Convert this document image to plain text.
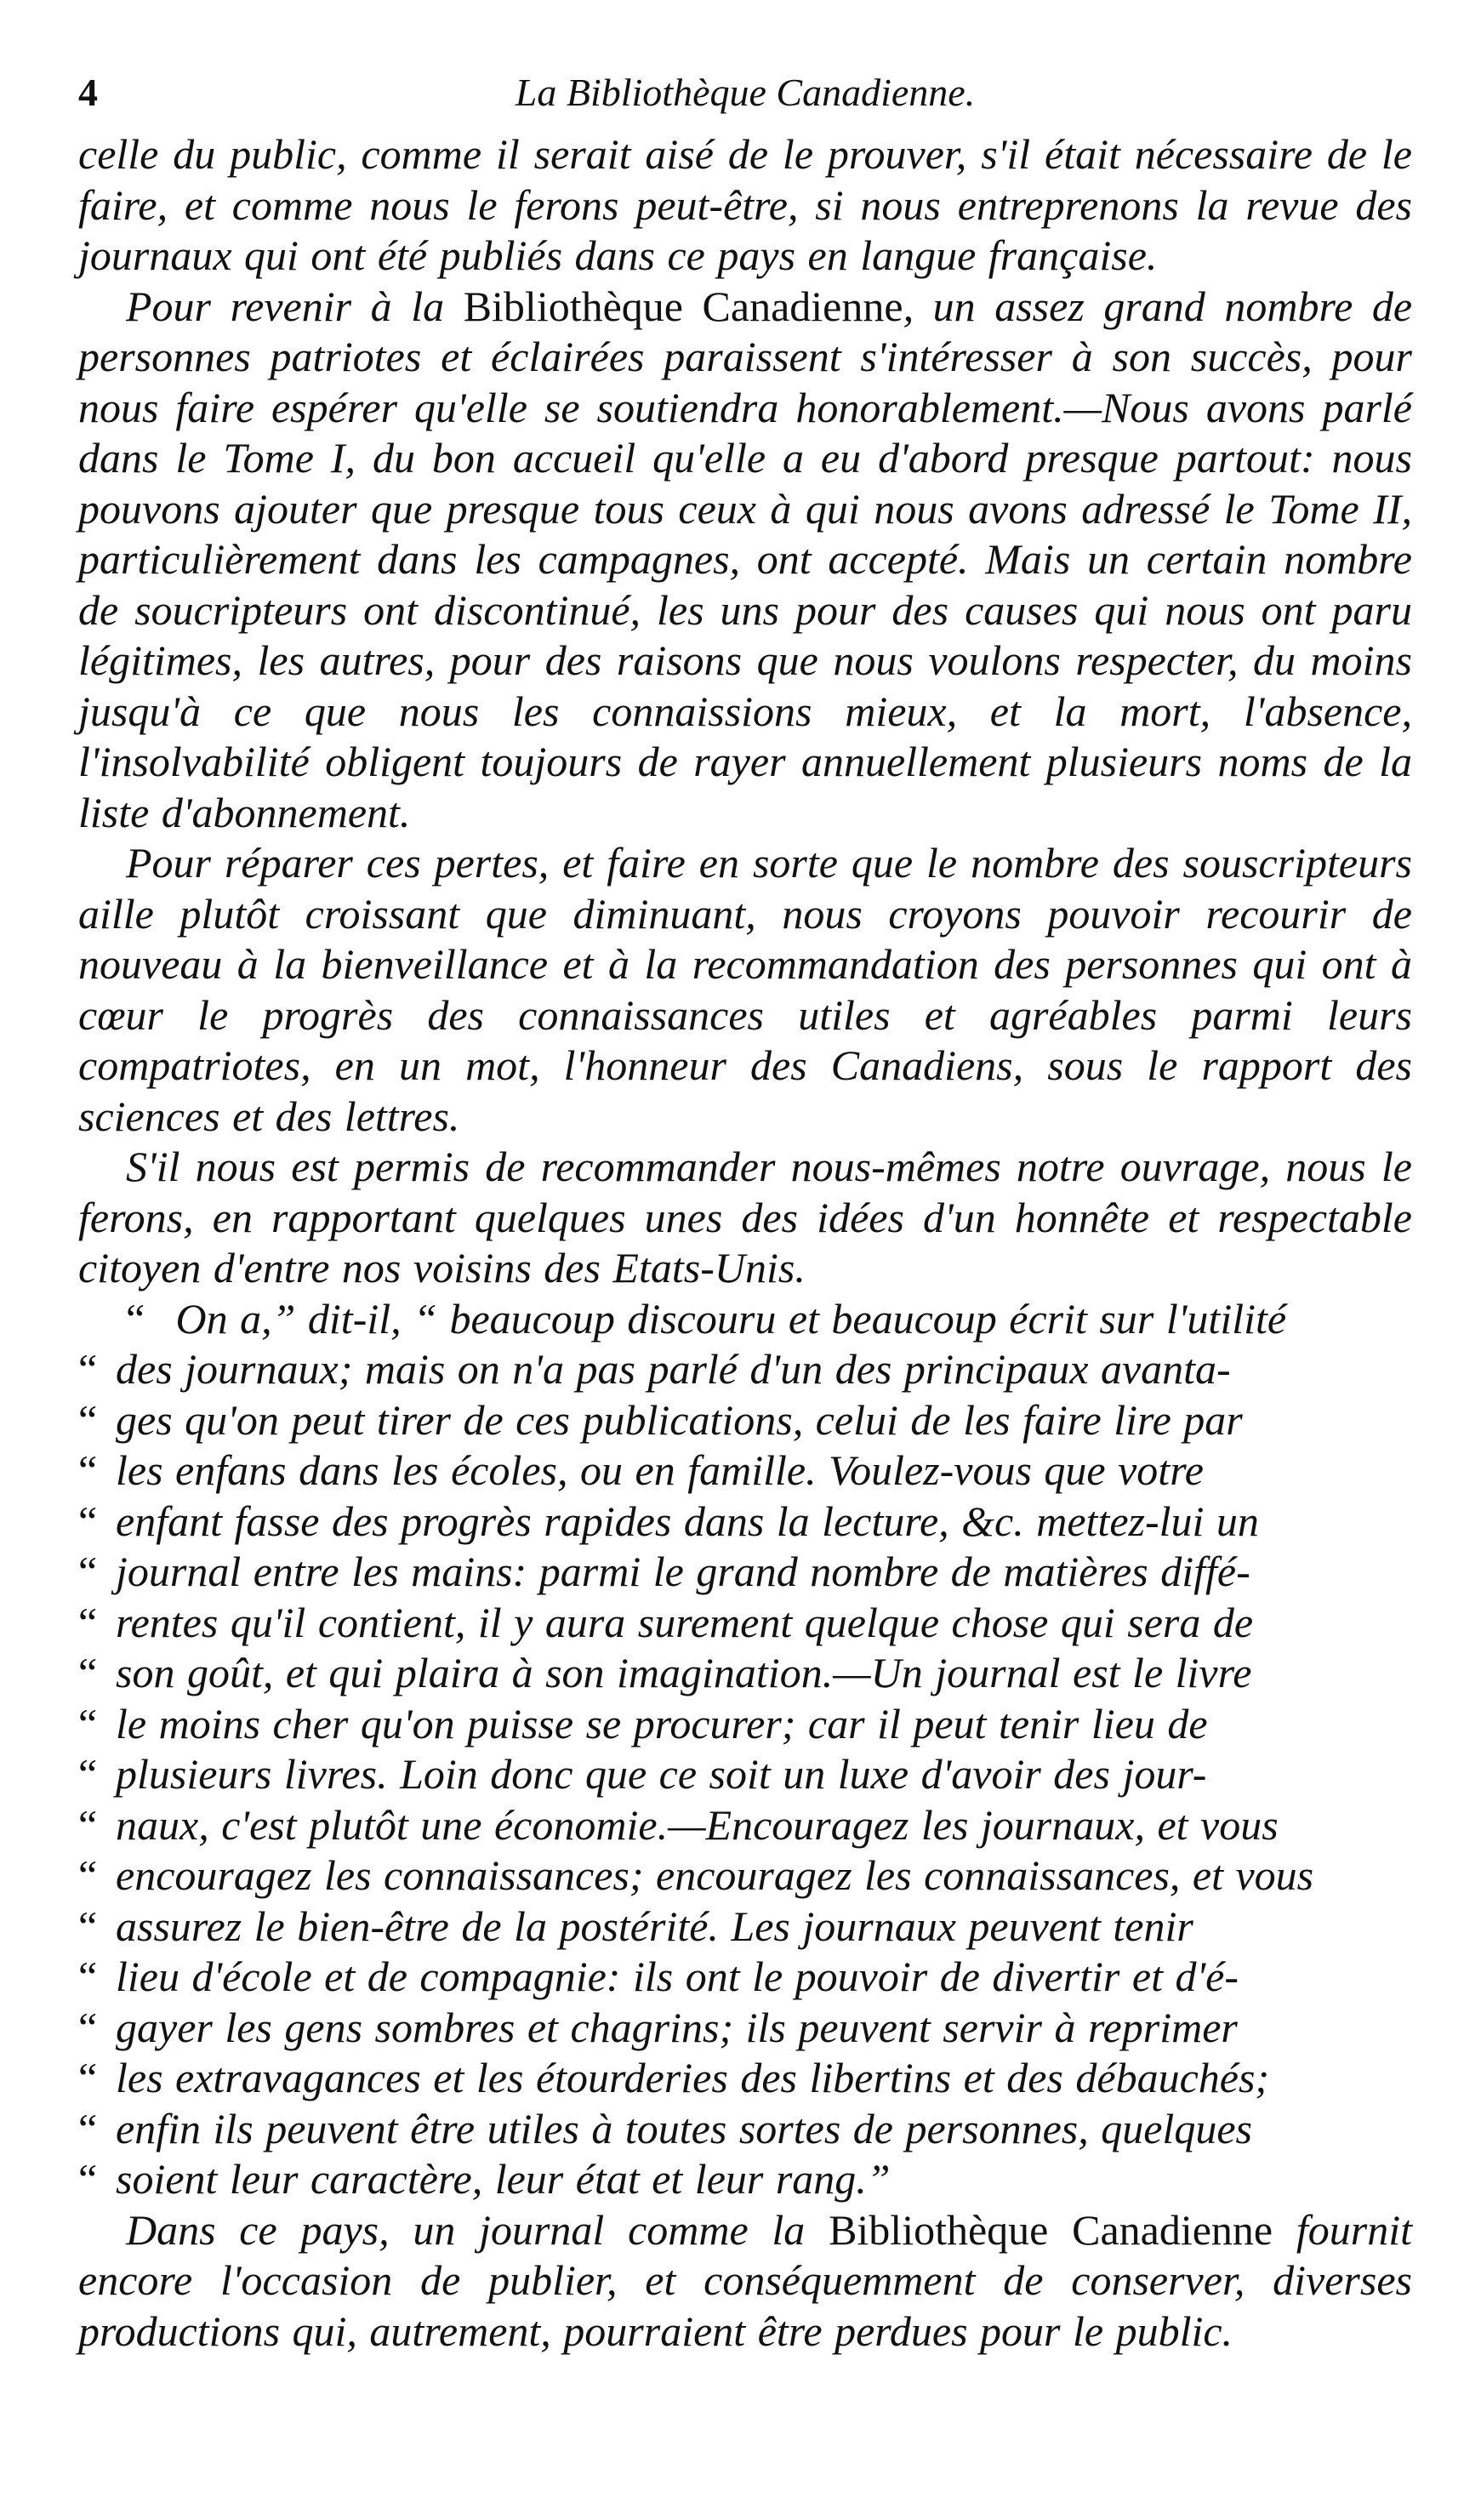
4	La Bibliothèque Canadienne.

celle du public, comme il serait aisé de le prouver, s'il était nécessaire de le faire, et comme nous le ferons peut-être, si nous entreprenons la revue des journaux qui ont été publiés dans ce pays en langue française.

Pour revenir à la Bibliothèque Canadienne, un assez grand nombre de personnes patriotes et éclairées paraissent s'intéresser à son succès, pour nous faire espérer qu'elle se soutiendra honorablement.—Nous avons parlé dans le Tome I, du bon accueil qu'elle a eu d'abord presque partout: nous pouvons ajouter que presque tous ceux à qui nous avons adressé le Tome II, particulièrement dans les campagnes, ont accepté. Mais un certain nombre de soucripteurs ont discontinué, les uns pour des causes qui nous ont paru légitimes, les autres, pour des raisons que nous voulons respecter, du moins jusqu'à ce que nous les connaissions mieux, et la mort, l'absence, l'insolvabilité obligent toujours de rayer annuellement plusieurs noms de la liste d'abonnement.

Pour réparer ces pertes, et faire en sorte que le nombre des souscripteurs aille plutôt croissant que diminuant, nous croyons pouvoir recourir de nouveau à la bienveillance et à la recommandation des personnes qui ont à cœur le progrès des connaissances utiles et agréables parmi leurs compatriotes, en un mot, l'honneur des Canadiens, sous le rapport des sciences et des lettres.

S'il nous est permis de recommander nous-mêmes notre ouvrage, nous le ferons, en rapportant quelques unes des idées d'un honnête et respectable citoyen d'entre nos voisins des Etats-Unis.

“ On a,” dit-il, “ beaucoup discouru et beaucoup écrit sur l'utilité
“ des journaux; mais on n'a pas parlé d'un des principaux avanta-
“ ges qu'on peut tirer de ces publications, celui de les faire lire par
“ les enfans dans les écoles, ou en famille. Voulez-vous que votre
“ enfant fasse des progrès rapides dans la lecture, &c. mettez-lui un
“ journal entre les mains: parmi le grand nombre de matières diffé-
“ rentes qu'il contient, il y aura surement quelque chose qui sera de
“ son goût, et qui plaira à son imagination.—Un journal est le livre
“ le moins cher qu'on puisse se procurer; car il peut tenir lieu de
“ plusieurs livres. Loin donc que ce soit un luxe d'avoir des jour-
“ naux, c'est plutôt une économie.—Encouragez les journaux, et vous
“ encouragez les connaissances; encouragez les connaissances, et vous
“ assurez le bien-être de la postérité. Les journaux peuvent tenir
“ lieu d'école et de compagnie: ils ont le pouvoir de divertir et d'é-
“ gayer les gens sombres et chagrins; ils peuvent servir à reprimer
“ les extravagances et les étourderies des libertins et des débauchés;
“ enfin ils peuvent être utiles à toutes sortes de personnes, quelques
“ soient leur caractère, leur état et leur rang.”

Dans ce pays, un journal comme la Bibliothèque Canadienne fournit encore l'occasion de publier, et conséquemment de conserver, diverses productions qui, autrement, pourraient être perdues pour le public.
